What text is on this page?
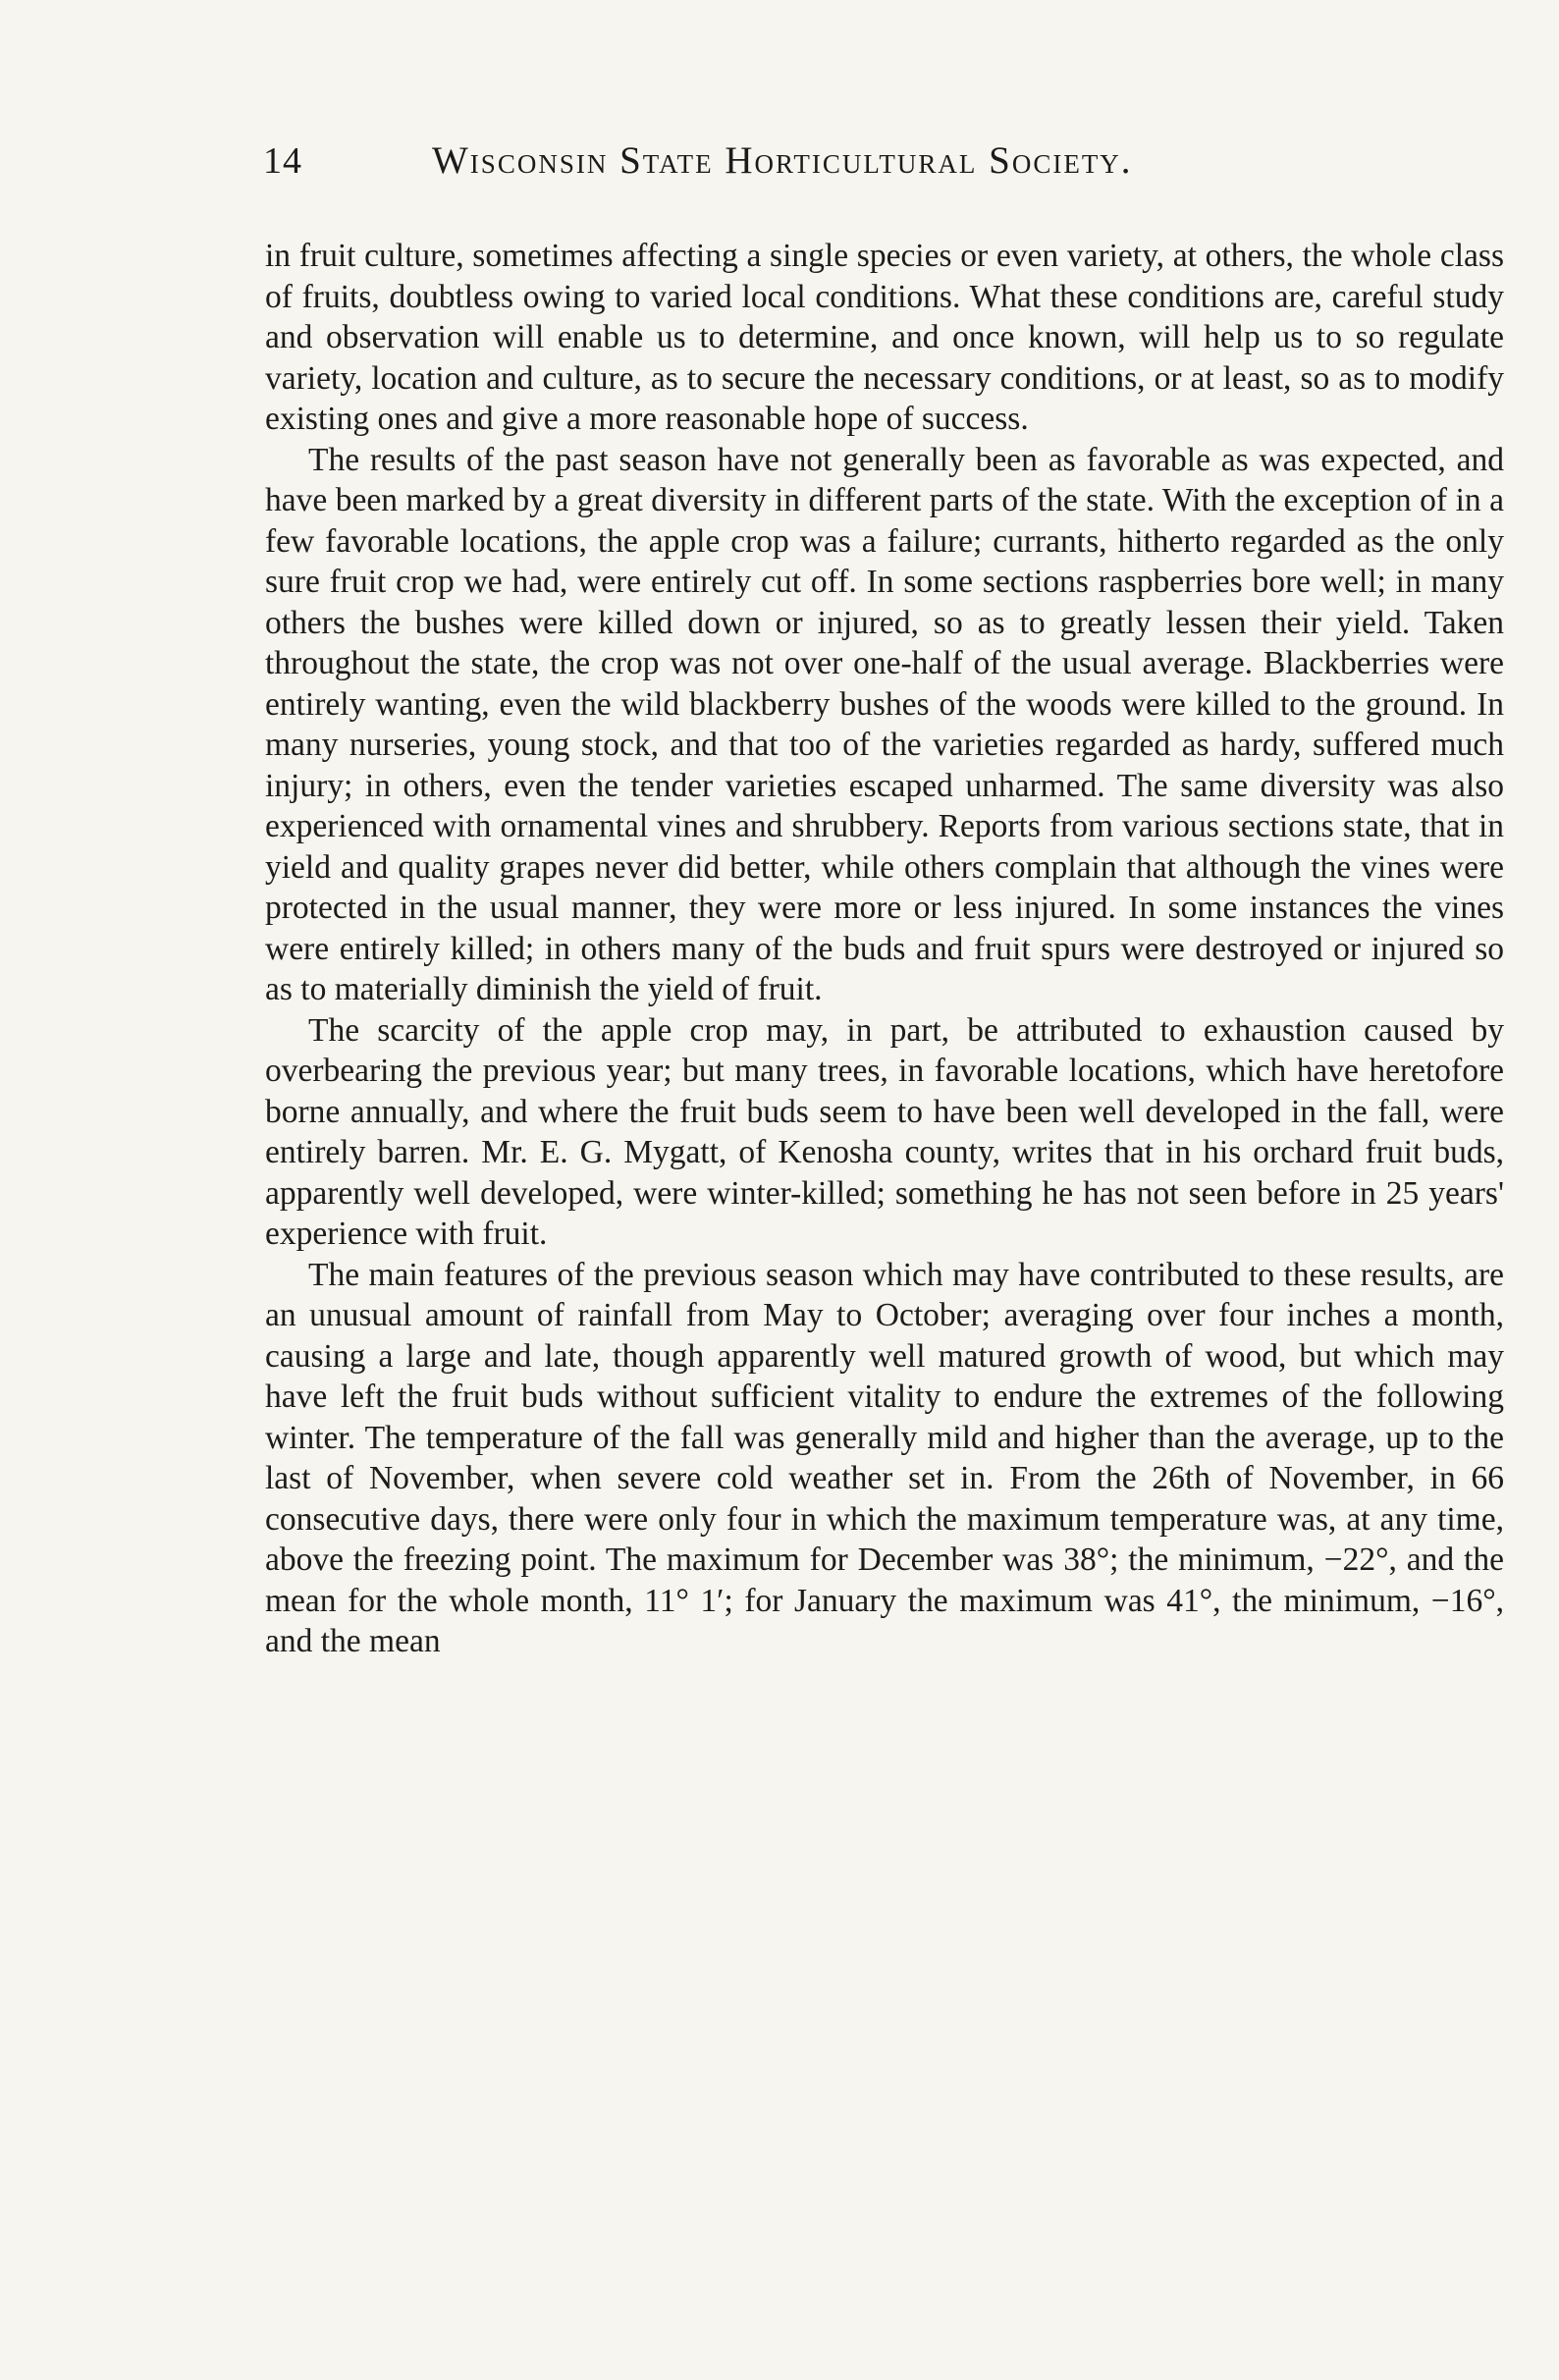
14	Wisconsin State Horticultural Society.

in fruit culture, sometimes affecting a single species or even variety, at others, the whole class of fruits, doubtless owing to varied local conditions. What these conditions are, careful study and observation will enable us to determine, and once known, will help us to so regulate variety, location and culture, as to secure the necessary conditions, or at least, so as to modify existing ones and give a more reasonable hope of success.

The results of the past season have not generally been as favorable as was expected, and have been marked by a great diversity in different parts of the state. With the exception of in a few favorable locations, the apple crop was a failure; currants, hitherto regarded as the only sure fruit crop we had, were entirely cut off. In some sections raspberries bore well; in many others the bushes were killed down or injured, so as to greatly lessen their yield. Taken throughout the state, the crop was not over one-half of the usual average. Blackberries were entirely wanting, even the wild blackberry bushes of the woods were killed to the ground. In many nurseries, young stock, and that too of the varieties regarded as hardy, suffered much injury; in others, even the tender varieties escaped unharmed. The same diversity was also experienced with ornamental vines and shrubbery. Reports from various sections state, that in yield and quality grapes never did better, while others complain that although the vines were protected in the usual manner, they were more or less injured. In some instances the vines were entirely killed; in others many of the buds and fruit spurs were destroyed or injured so as to materially diminish the yield of fruit.

The scarcity of the apple crop may, in part, be attributed to exhaustion caused by overbearing the previous year; but many trees, in favorable locations, which have heretofore borne annually, and where the fruit buds seem to have been well developed in the fall, were entirely barren. Mr. E. G. Mygatt, of Kenosha county, writes that in his orchard fruit buds, apparently well developed, were winter-killed; something he has not seen before in 25 years' experience with fruit.

The main features of the previous season which may have contributed to these results, are an unusual amount of rainfall from May to October; averaging over four inches a month, causing a large and late, though apparently well matured growth of wood, but which may have left the fruit buds without sufficient vitality to endure the extremes of the following winter. The temperature of the fall was generally mild and higher than the average, up to the last of November, when severe cold weather set in. From the 26th of November, in 66 consecutive days, there were only four in which the maximum temperature was, at any time, above the freezing point. The maximum for December was 38°; the minimum, −22°, and the mean for the whole month, 11° 1′; for January the maximum was 41°, the minimum, −16°, and the mean
